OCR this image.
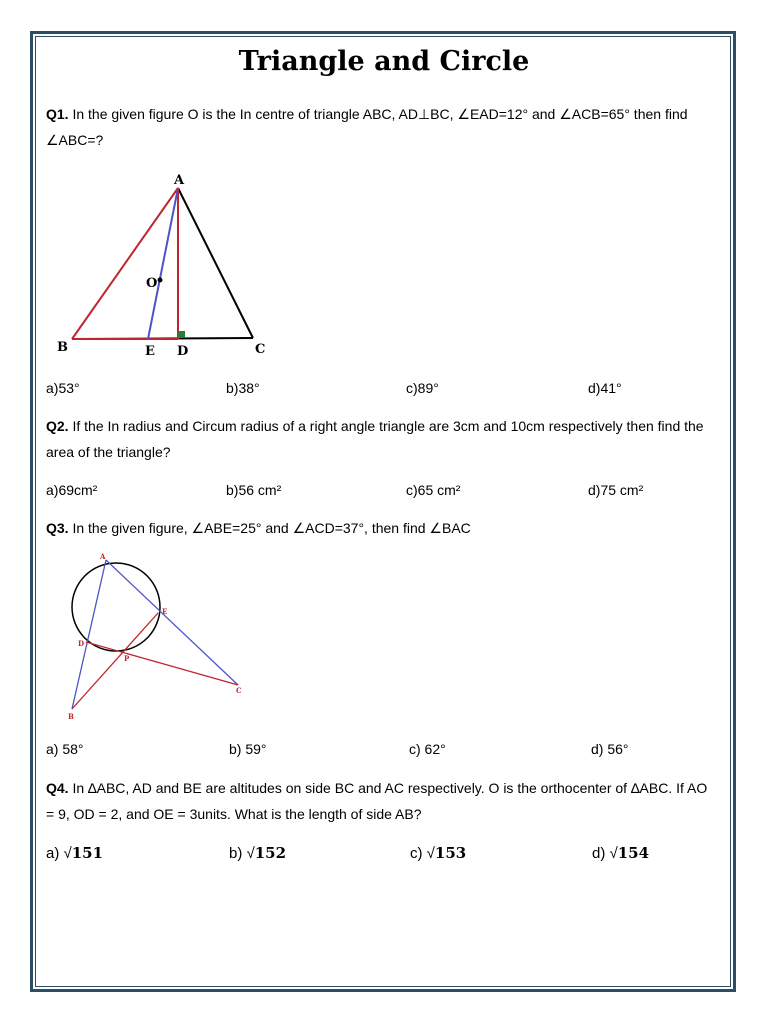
Triangle and Circle
Q1. In the given figure O is the In centre of triangle ABC, AD⊥BC, ∠EAD=12° and ∠ACB=65° then find ∠ABC=?
A
O
B	E D	C
a)53°	b)38°	c)89°	d)41°
Q2. If the In radius and Circum radius of a right angle triangle are 3cm and 10cm respectively then find the area of the triangle?
a)69cm²	b)56 cm²	c)65 cm²	d)75 cm²
Q3. In the given figure, ∠ABE=25° and ∠ACD=37°, then find ∠BAC
A
E
D
P
C
B
a) 58°	b) 59°	c) 62°	d) 56°
Q4. In ∆ABC, AD and BE are altitudes on side BC and AC respectively. O is the orthocenter of ∆ABC. If AO = 9, OD = 2, and OE = 3units. What is the length of side AB?
a) √151	b) √152	c) √153	d) √154
